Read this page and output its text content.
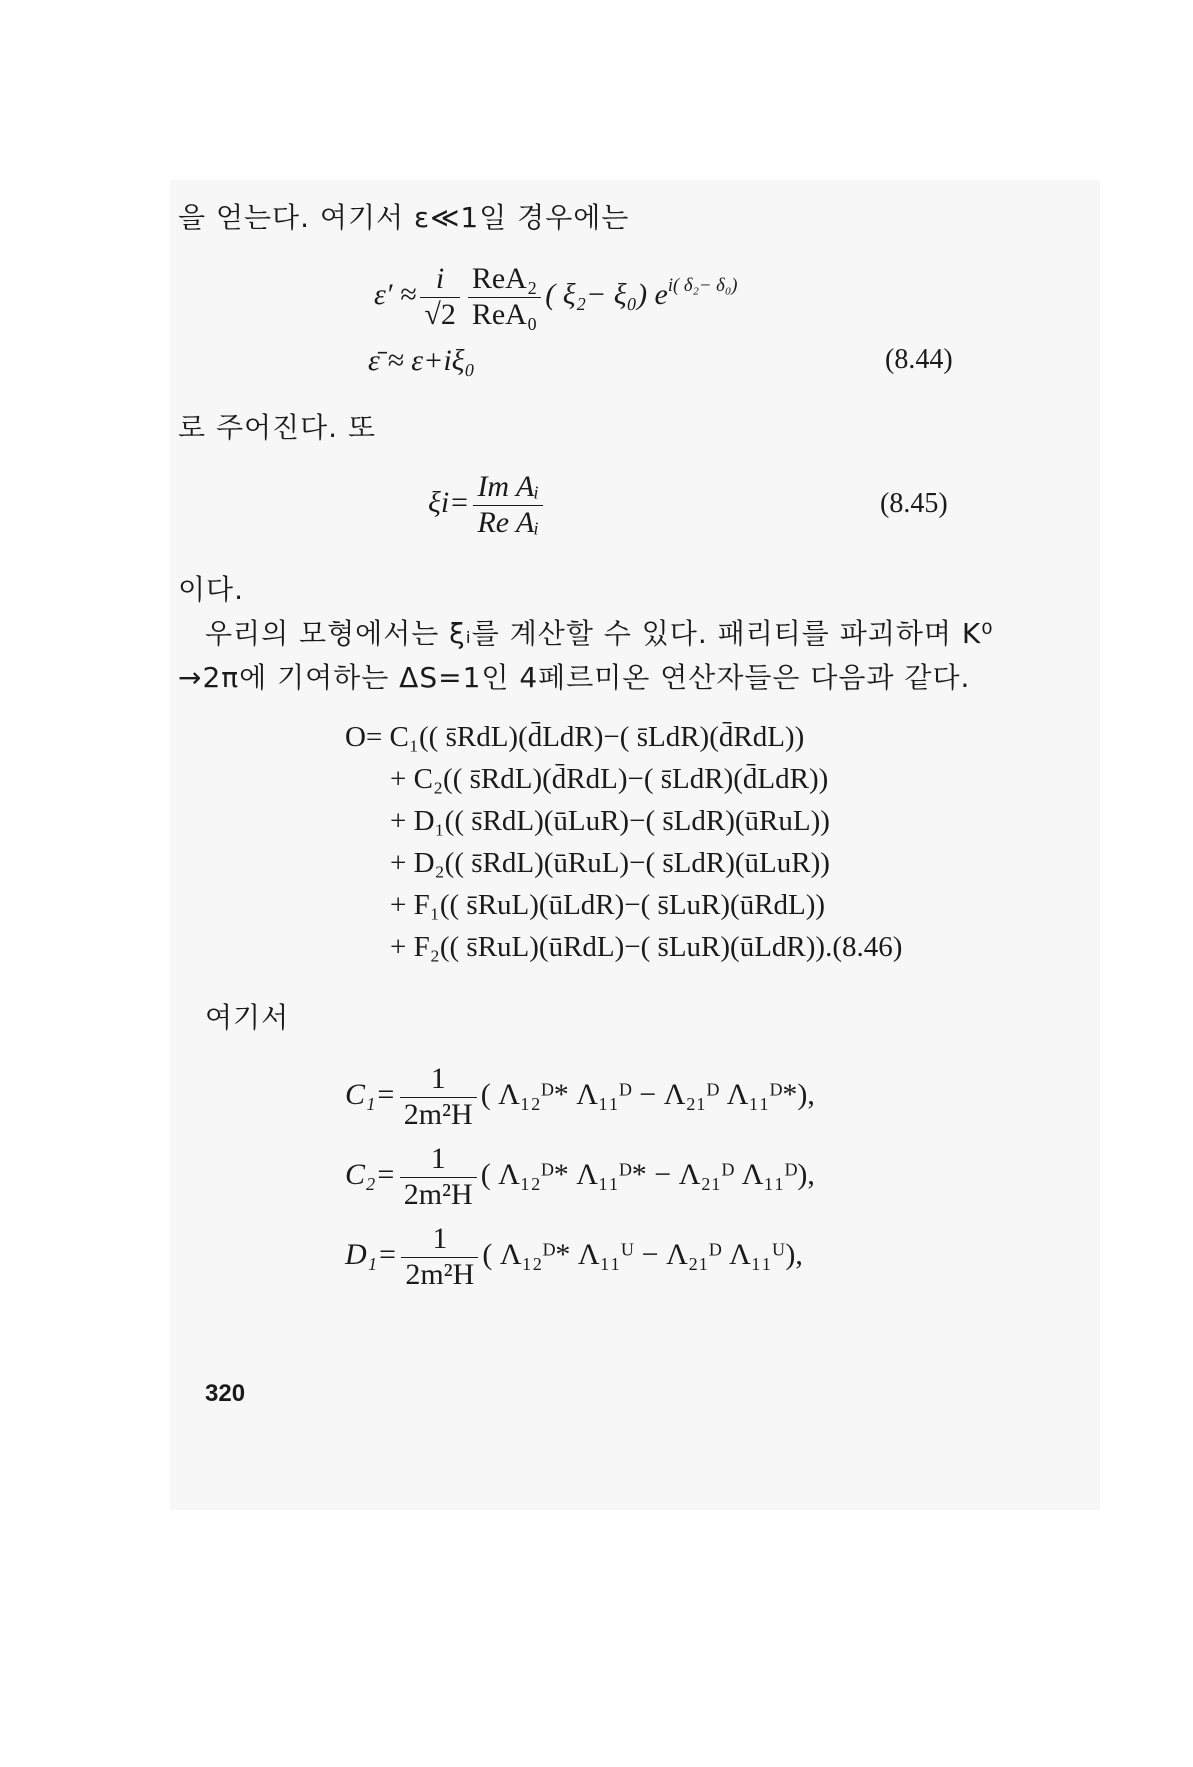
을 얻는다. 여기서 ε≪1일 경우에는
$\varepsilon' \approx \frac{i}{√2} \frac{\text{ReA₂}}{\text{ReA₀}}$ ( ξ₂− ξ₀) $e^{i( \delta_2- \delta_0)}$
ε̄ ≈ ε+iξ₀	(8.44)
로 주어진다. 또
$\xi i= \frac{\text{Im Aᵢ}}{\text{Re Aᵢ}}$	(8.45)
이다.
우리의 모형에서는 ξᵢ를 계산할 수 있다. 패리티를 파괴하며 K⁰
→2π에 기여하는 ΔS=1인 4페르미온 연산자들은 다음과 같다.
O= C₁(( s̄RdL)(d̄LdR)−( s̄LdR)(d̄RdL))
+ C₂(( s̄RdL)(d̄RdL)−( s̄LdR)(d̄LdR))
+ D₁(( s̄RdL)(ūLuR)−( s̄LdR)(ūRuL))
+ D₂(( s̄RdL)(ūRuL)−( s̄LdR)(ūLuR))
+ F₁(( s̄RuL)(ūLdR)−( s̄LuR)(ūRdL))
+ F₂(( s̄RuL)(ūRdL)−( s̄LuR)(ūLdR)).(8.46)
여기서
$C_1= \frac{1}{\text{2m²H}}$ ( Λ₁₂ᴰ* Λ₁₁ᴰ − Λ₂₁ᴰ Λ₁₁ᴰ*),
$C_2= \frac{1}{\text{2m²H}}$ ( Λ₁₂ᴰ* Λ₁₁ᴰ* − Λ₂₁ᴰ Λ₁₁ᴰ),
$D_1= \frac{1}{\text{2m²H}}$ ( Λ₁₂ᴰ* Λ₁₁ᵁ − Λ₂₁ᴰ Λ₁₁ᵁ),
320
